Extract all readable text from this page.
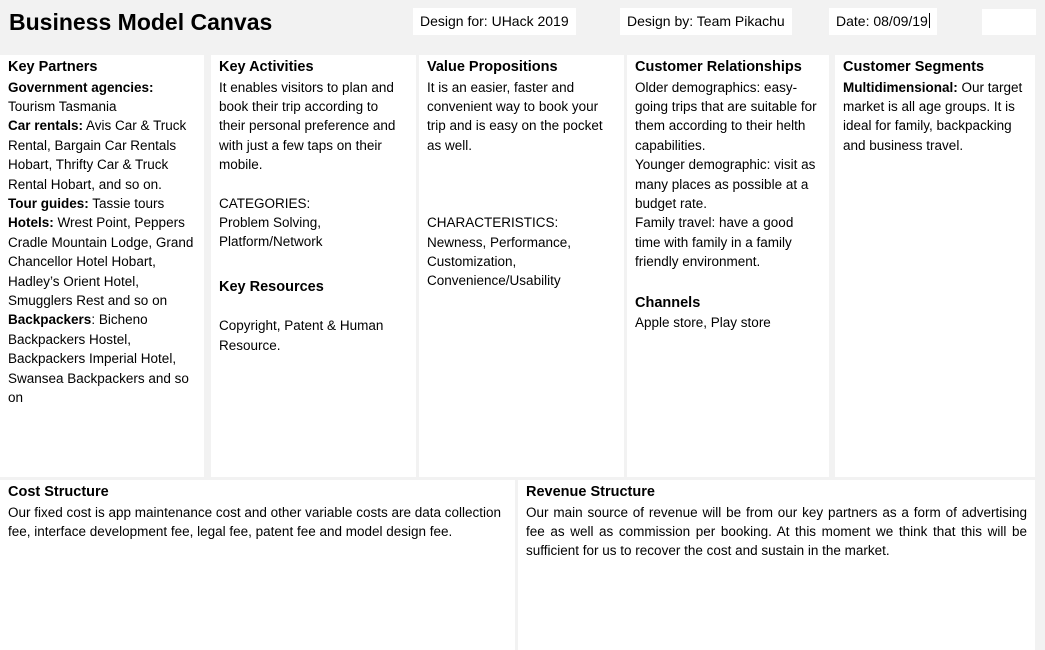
Business Model Canvas	Design for: UHack 2019	Design by: Team Pikachu	Date: 08/09/19
Key Partners
Government agencies: Tourism Tasmania
Car rentals: Avis Car & Truck Rental, Bargain Car Rentals Hobart, Thrifty Car & Truck Rental Hobart, and so on.
Tour guides: Tassie tours
Hotels: Wrest Point, Peppers Cradle Mountain Lodge, Grand Chancellor Hotel Hobart, Hadley’s Orient Hotel, Smugglers Rest and so on
Backpackers: Bicheno Backpackers Hostel, Backpackers Imperial Hotel, Swansea Backpackers and so on
Key Activities
It enables visitors to plan and book their trip according to their personal preference and with just a few taps on their mobile.
CATEGORIES:
Problem Solving, Platform/Network
Key Resources
Copyright, Patent & Human Resource.
Value Propositions
It is an easier, faster and convenient way to book your trip and is easy on the pocket as well.
CHARACTERISTICS:
Newness, Performance, Customization, Convenience/Usability
Customer Relationships
Older demographics: easy-going trips that are suitable for them according to their helth capabilities.
Younger demographic: visit as many places as possible at a budget rate.
Family travel: have a good time with family in a family friendly environment.
Channels
Apple store, Play store
Customer Segments
Multidimensional: Our target market is all age groups. It is ideal for family, backpacking and business travel.
Cost Structure
Our fixed cost is app maintenance cost and other variable costs are data collection fee, interface development fee, legal fee, patent fee and model design fee.
Revenue Structure
Our main source of revenue will be from our key partners as a form of advertising fee as well as commission per booking. At this moment we think that this will be sufficient for us to recover the cost and sustain in the market.
